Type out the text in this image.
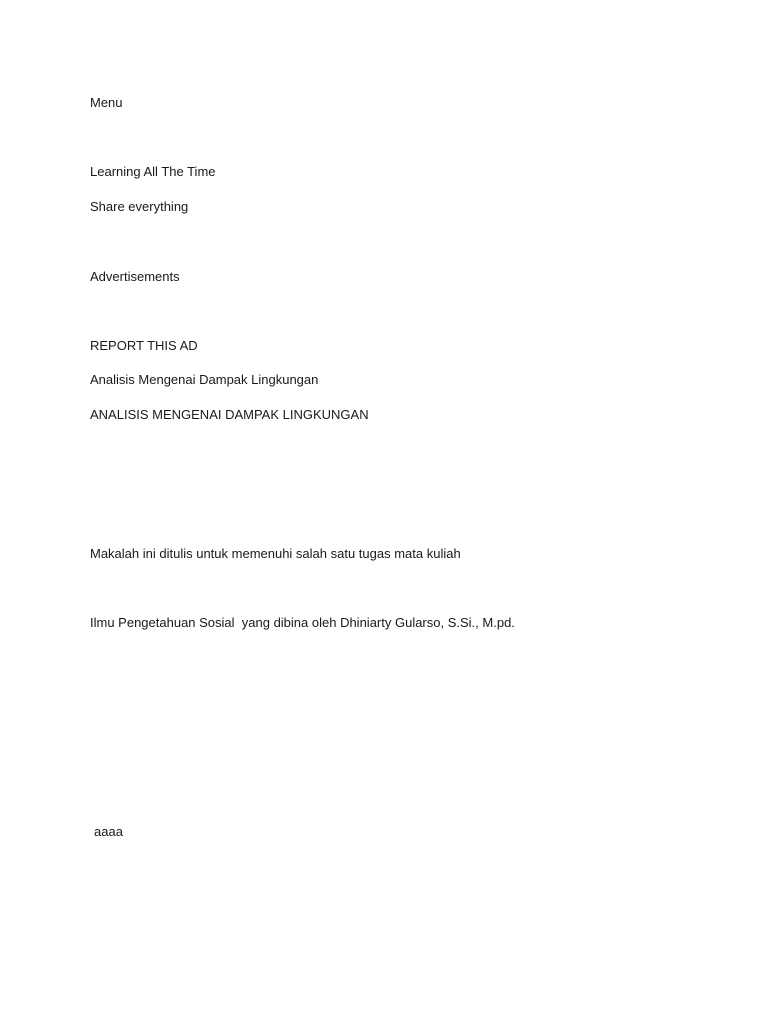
Menu

Learning All The Time

Share everything

Advertisements

REPORT THIS AD

Analisis Mengenai Dampak Lingkungan

ANALISIS MENGENAI DAMPAK LINGKUNGAN

Makalah ini ditulis untuk memenuhi salah satu tugas mata kuliah

Ilmu Pengetahuan Sosial  yang dibina oleh Dhiniarty Gularso, S.Si., M.pd.

aaaa
